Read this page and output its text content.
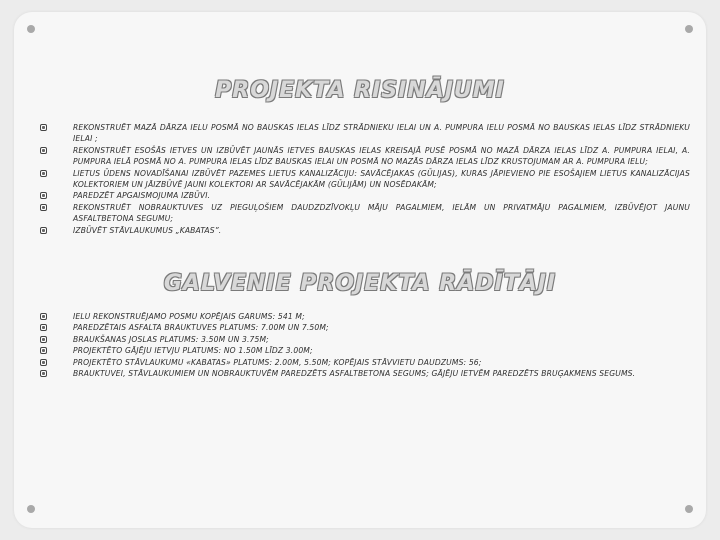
PROJEKTA RISINĀJUMI
REKONSTRUĒT MAZĀ DĀRZA IELU POSMĀ NO BAUSKAS IELAS LĪDZ STRĀDNIEKU IELAI UN A. PUMPURA IELU POSMĀ NO BAUSKAS IELAS LĪDZ STRĀDNIEKU IELAI ;
REKONSTRUĒT ESOŠĀS IETVES UN IZBŪVĒT JAUNĀS IETVES BAUSKAS IELAS KREISAJĀ PUSĒ POSMĀ NO MAZĀ DĀRZA IELAS LĪDZ A. PUMPURA IELAI, A. PUMPURA IELĀ POSMĀ NO A. PUMPURA IELAS LĪDZ BAUSKAS IELAI UN POSMĀ NO MAZĀS DĀRZA IELAS LĪDZ KRUSTOJUMAM AR A. PUMPURA IELU;
LIETUS ŪDENS NOVADĪŠANAI IZBŪVĒT PAZEMES LIETUS KANALIZĀCIJU: SAVĀCĒJAKAS (GŪLIJAS), KURAS JĀPIEVIENO PIE ESOŠAJIEM LIETUS KANALIZĀCIJAS KOLEKTORIEM UN JĀIZBŪVĒ JAUNI KOLEKTORI AR SAVĀCĒJAKĀM (GŪLIJĀM) UN NOSĒDAKĀM;
PAREDZĒT APGAISMOJUMA IZBŪVI.
REKONSTRUĒT NOBRAUKTUVES UZ PIEGUĻOŠIEM DAUDZDZĪVOKĻU MĀJU PAGALMIEM, IELĀM UN PRIVATMĀJU PAGALMIEM, IZBŪVĒJOT JAUNU ASFALTBETONA SEGUMU;
IZBŪVĒT STĀVLAUKUMUS „KABATAS”.
GALVENIE PROJEKTA RĀDĪTĀJI
IELU REKONSTRUĒJAMO POSMU KOPĒJAIS GARUMS: 541 M;
PAREDZĒTAIS ASFALTA BRAUKTUVES PLATUMS: 7.00M UN 7.50M;
BRAUKŠANAS JOSLAS PLATUMS: 3.50M UN 3.75M;
PROJEKTĒTO GĀJĒJU IETVJU PLATUMS: NO 1.50M LĪDZ 3.00M;
PROJEKTĒTO STĀVLAUKUMU «KABATAS» PLATUMS: 2.00M, 5.50M; KOPĒJAIS STĀVVIETU DAUDZUMS: 56;
BRAUKTUVEI, STĀVLAUKUMIEM UN NOBRAUKTUVĒM PAREDZĒTS ASFALTBETONA SEGUMS; GĀJĒJU IETVĒM PAREDZĒTS BRUĢAKMENS SEGUMS.
